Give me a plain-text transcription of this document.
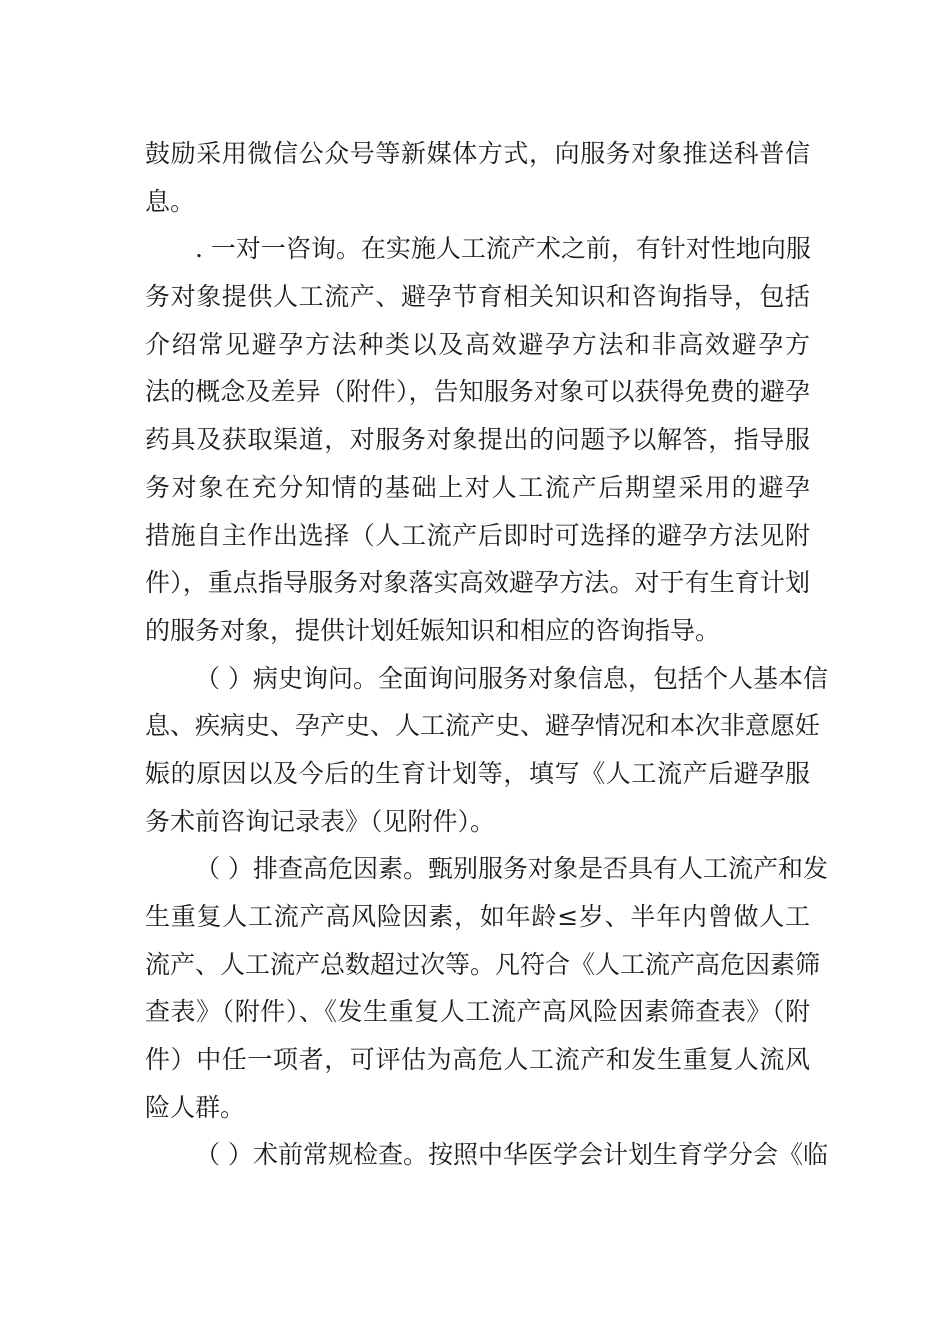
鼓励采用微信公众号等新媒体方式，向服务对象推送科普信
息。
. 一对一咨询。在实施人工流产术之前，有针对性地向服
务对象提供人工流产、避孕节育相关知识和咨询指导，包括
介绍常见避孕方法种类以及高效避孕方法和非高效避孕方
法的概念及差异（附件），告知服务对象可以获得免费的避孕
药具及获取渠道，对服务对象提出的问题予以解答，指导服
务对象在充分知情的基础上对人工流产后期望采用的避孕
措施自主作出选择（人工流产后即时可选择的避孕方法见附
件），重点指导服务对象落实高效避孕方法。对于有生育计划
的服务对象，提供计划妊娠知识和相应的咨询指导。
（ ）病史询问。全面询问服务对象信息，包括个人基本信
息、疾病史、孕产史、人工流产史、避孕情况和本次非意愿妊
娠的原因以及今后的生育计划等，填写《人工流产后避孕服
务术前咨询记录表》（见附件）。
（ ）排查高危因素。甄别服务对象是否具有人工流产和发
生重复人工流产高风险因素，如年龄≤岁、半年内曾做人工
流产、人工流产总数超过次等。凡符合《人工流产高危因素筛
查表》（附件）、《发生重复人工流产高风险因素筛查表》（附
件）中任一项者，可评估为高危人工流产和发生重复人流风
险人群。
（ ）术前常规检查。按照中华医学会计划生育学分会《临
